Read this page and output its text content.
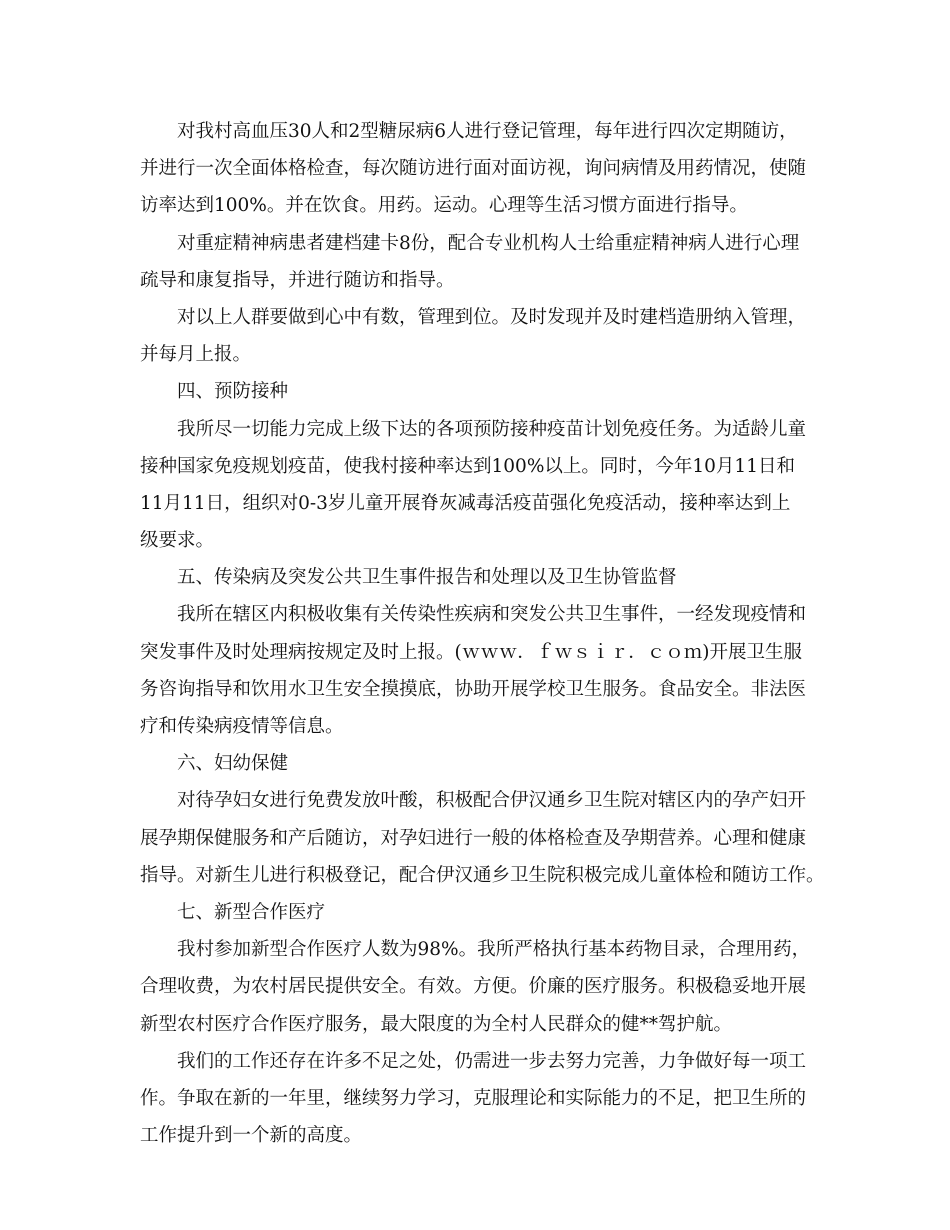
对我村高血压30人和2型糖尿病6人进行登记管理，每年进行四次定期随访，
并进行一次全面体格检查，每次随访进行面对面访视，询问病情及用药情况，使随
访率达到100%。并在饮食。用药。运动。心理等生活习惯方面进行指导。
对重症精神病患者建档建卡8份，配合专业机构人士给重症精神病人进行心理
疏导和康复指导，并进行随访和指导。
对以上人群要做到心中有数，管理到位。及时发现并及时建档造册纳入管理，
并每月上报。
四、预防接种
我所尽一切能力完成上级下达的各项预防接种疫苗计划免疫任务。为适龄儿童
接种国家免疫规划疫苗，使我村接种率达到100%以上。同时，今年10月11日和
11月11日，组织对0-3岁儿童开展脊灰减毒活疫苗强化免疫活动，接种率达到上
级要求。
五、传染病及突发公共卫生事件报告和处理以及卫生协管监督
我所在辖区内积极收集有关传染性疾病和突发公共卫生事件，一经发现疫情和
突发事件及时处理病按规定及时上报。(ｗｗｗ．ｆｗｓｉｒ．ｃｏｍ)开展卫生服
务咨询指导和饮用水卫生安全摸摸底，协助开展学校卫生服务。食品安全。非法医
疗和传染病疫情等信息。
六、妇幼保健
对待孕妇女进行免费发放叶酸，积极配合伊汉通乡卫生院对辖区内的孕产妇开
展孕期保健服务和产后随访，对孕妇进行一般的体格检查及孕期营养。心理和健康
指导。对新生儿进行积极登记，配合伊汉通乡卫生院积极完成儿童体检和随访工作。
七、新型合作医疗
我村参加新型合作医疗人数为98%。我所严格执行基本药物目录，合理用药，
合理收费，为农村居民提供安全。有效。方便。价廉的医疗服务。积极稳妥地开展
新型农村医疗合作医疗服务，最大限度的为全村人民群众的健**驾护航。
我们的工作还存在许多不足之处，仍需进一步去努力完善，力争做好每一项工
作。争取在新的一年里，继续努力学习，克服理论和实际能力的不足，把卫生所的
工作提升到一个新的高度。
